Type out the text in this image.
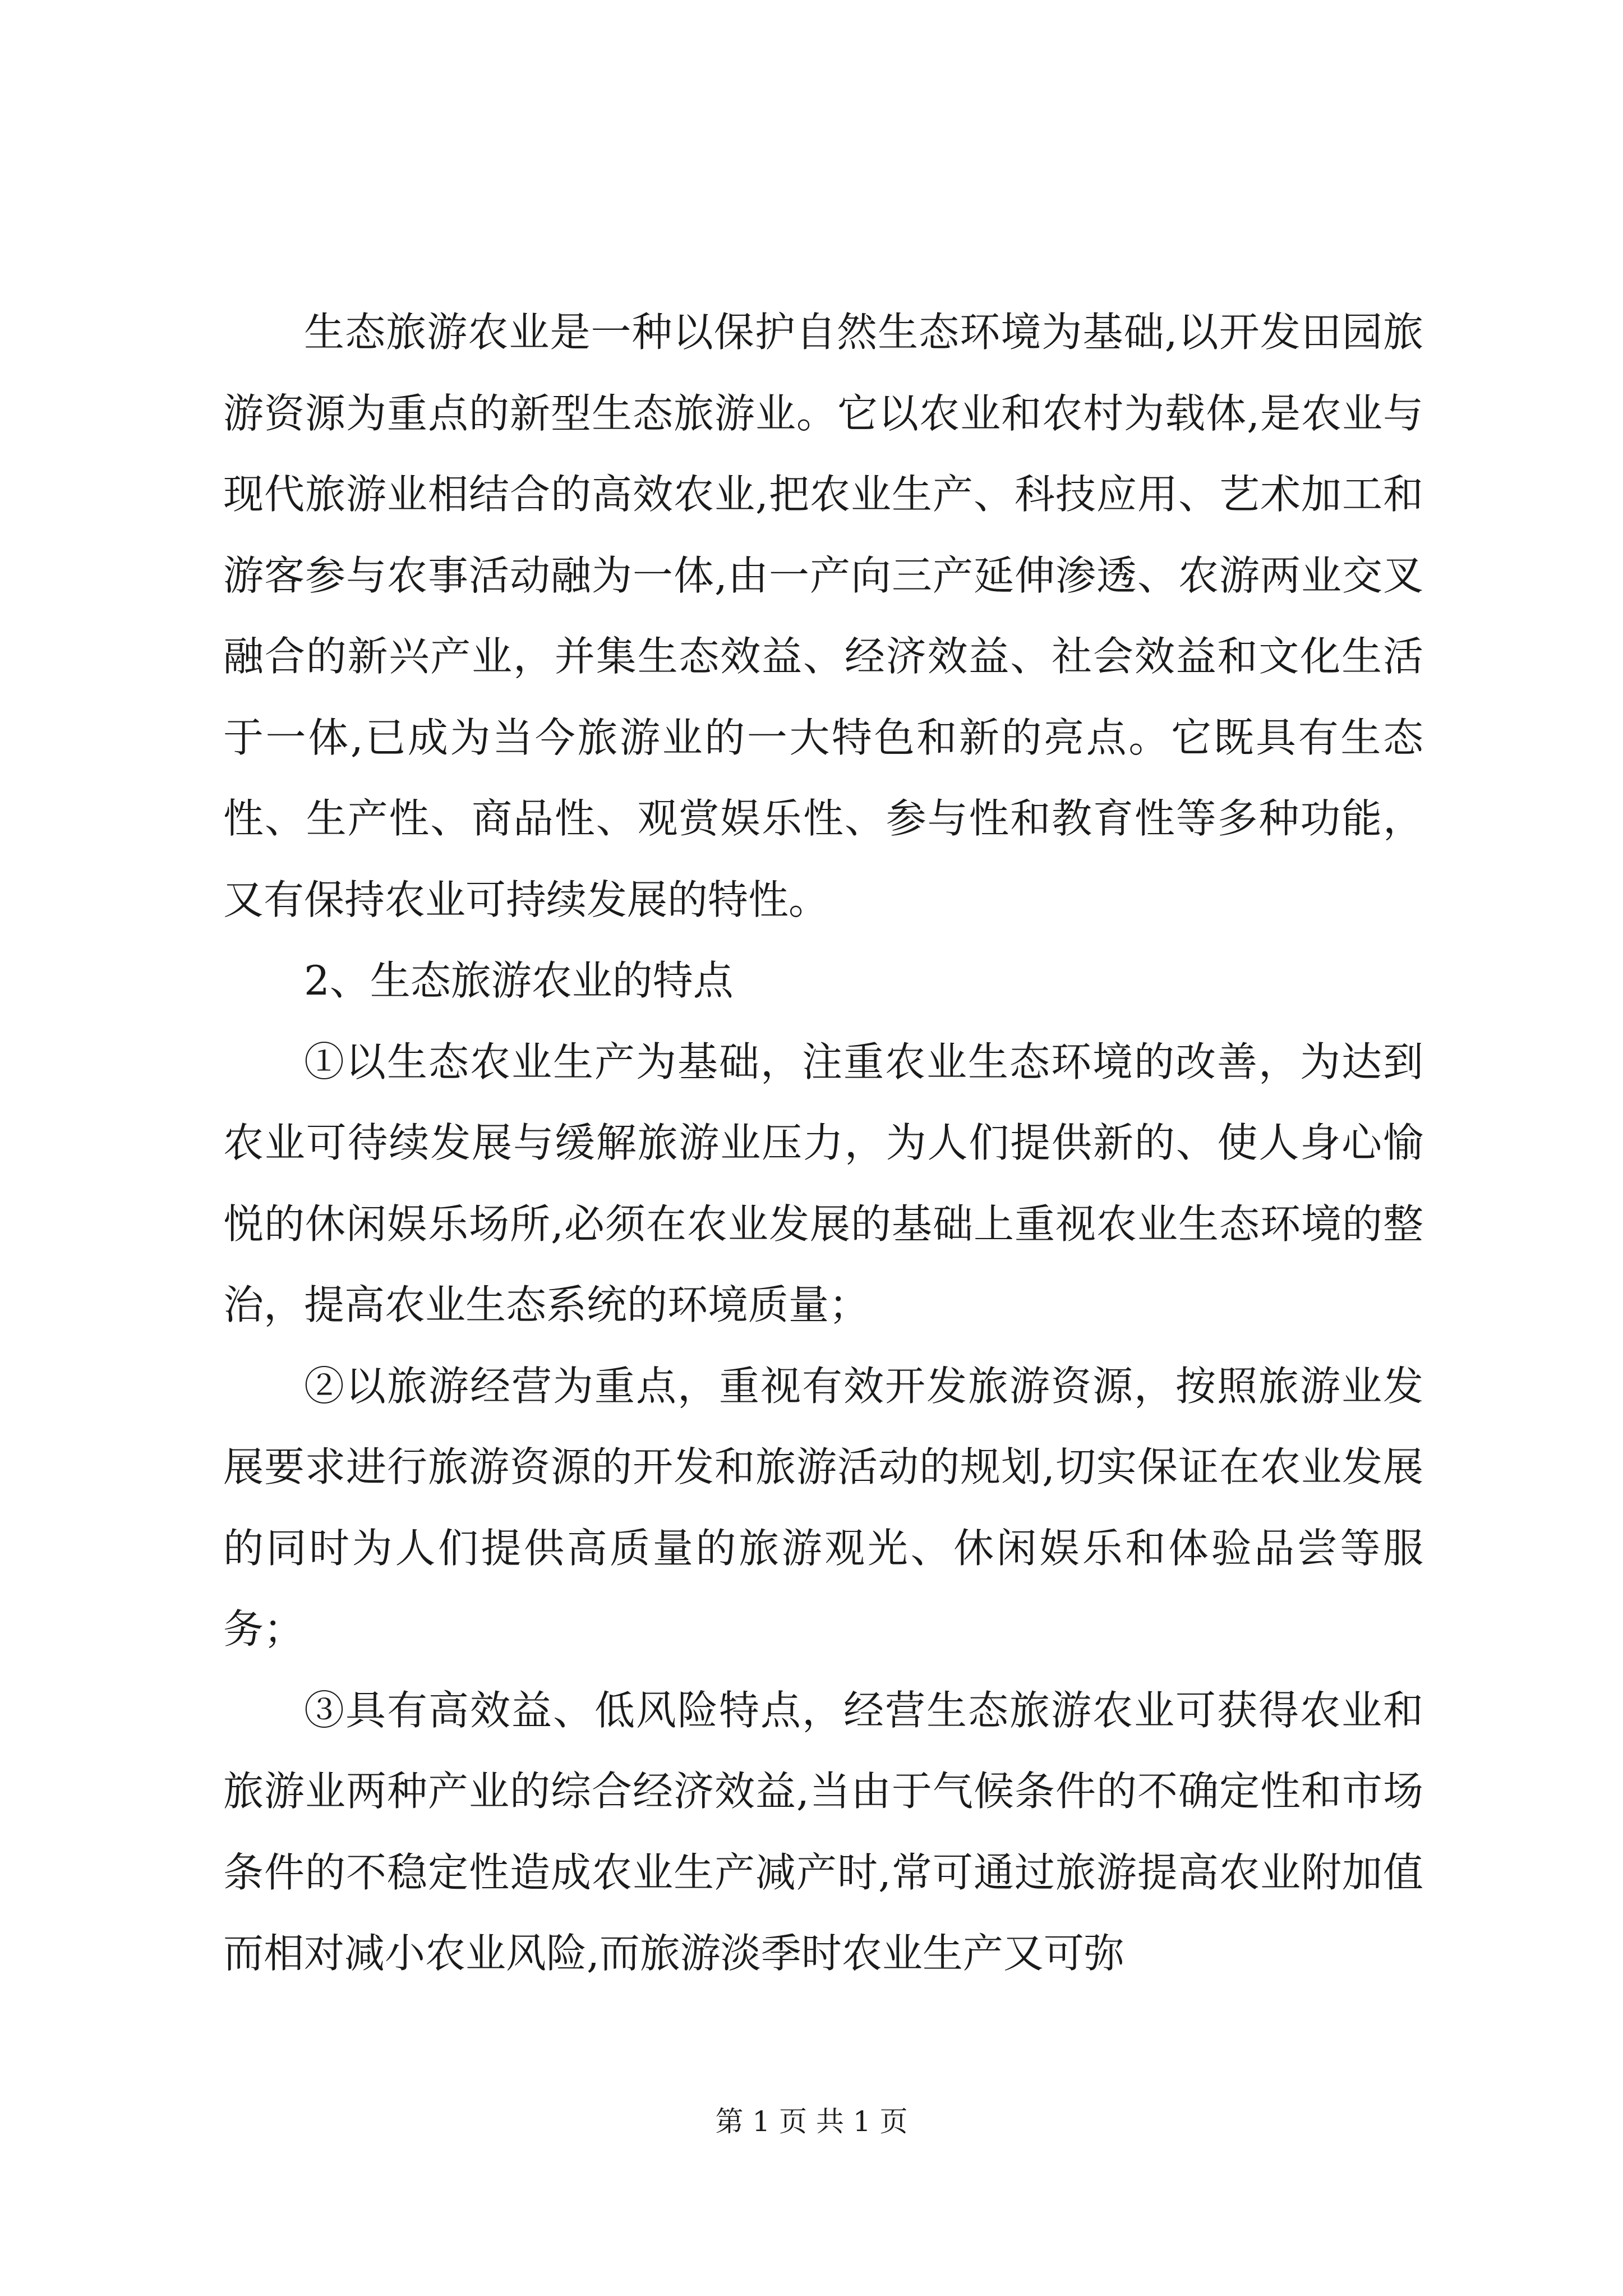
生态旅游农业是一种以保护自然生态环境为基础,以开发田园旅游资源为重点的新型生态旅游业。它以农业和农村为载体,是农业与现代旅游业相结合的高效农业,把农业生产、科技应用、艺术加工和游客参与农事活动融为一体,由一产向三产延伸渗透、农游两业交叉融合的新兴产业，并集生态效益、经济效益、社会效益和文化生活于一体,已成为当今旅游业的一大特色和新的亮点。它既具有生态性、生产性、商品性、观赏娱乐性、参与性和教育性等多种功能，又有保持农业可持续发展的特性。

2、生态旅游农业的特点

①以生态农业生产为基础，注重农业生态环境的改善，为达到农业可待续发展与缓解旅游业压力，为人们提供新的、使人身心愉悦的休闲娱乐场所,必须在农业发展的基础上重视农业生态环境的整治，提高农业生态系统的环境质量；

②以旅游经营为重点，重视有效开发旅游资源，按照旅游业发展要求进行旅游资源的开发和旅游活动的规划,切实保证在农业发展的同时为人们提供高质量的旅游观光、休闲娱乐和体验品尝等服务；

③具有高效益、低风险特点，经营生态旅游农业可获得农业和旅游业两种产业的综合经济效益,当由于气候条件的不确定性和市场条件的不稳定性造成农业生产减产时,常可通过旅游提高农业附加值而相对减小农业风险,而旅游淡季时农业生产又可弥

第 1 页 共 1 页
